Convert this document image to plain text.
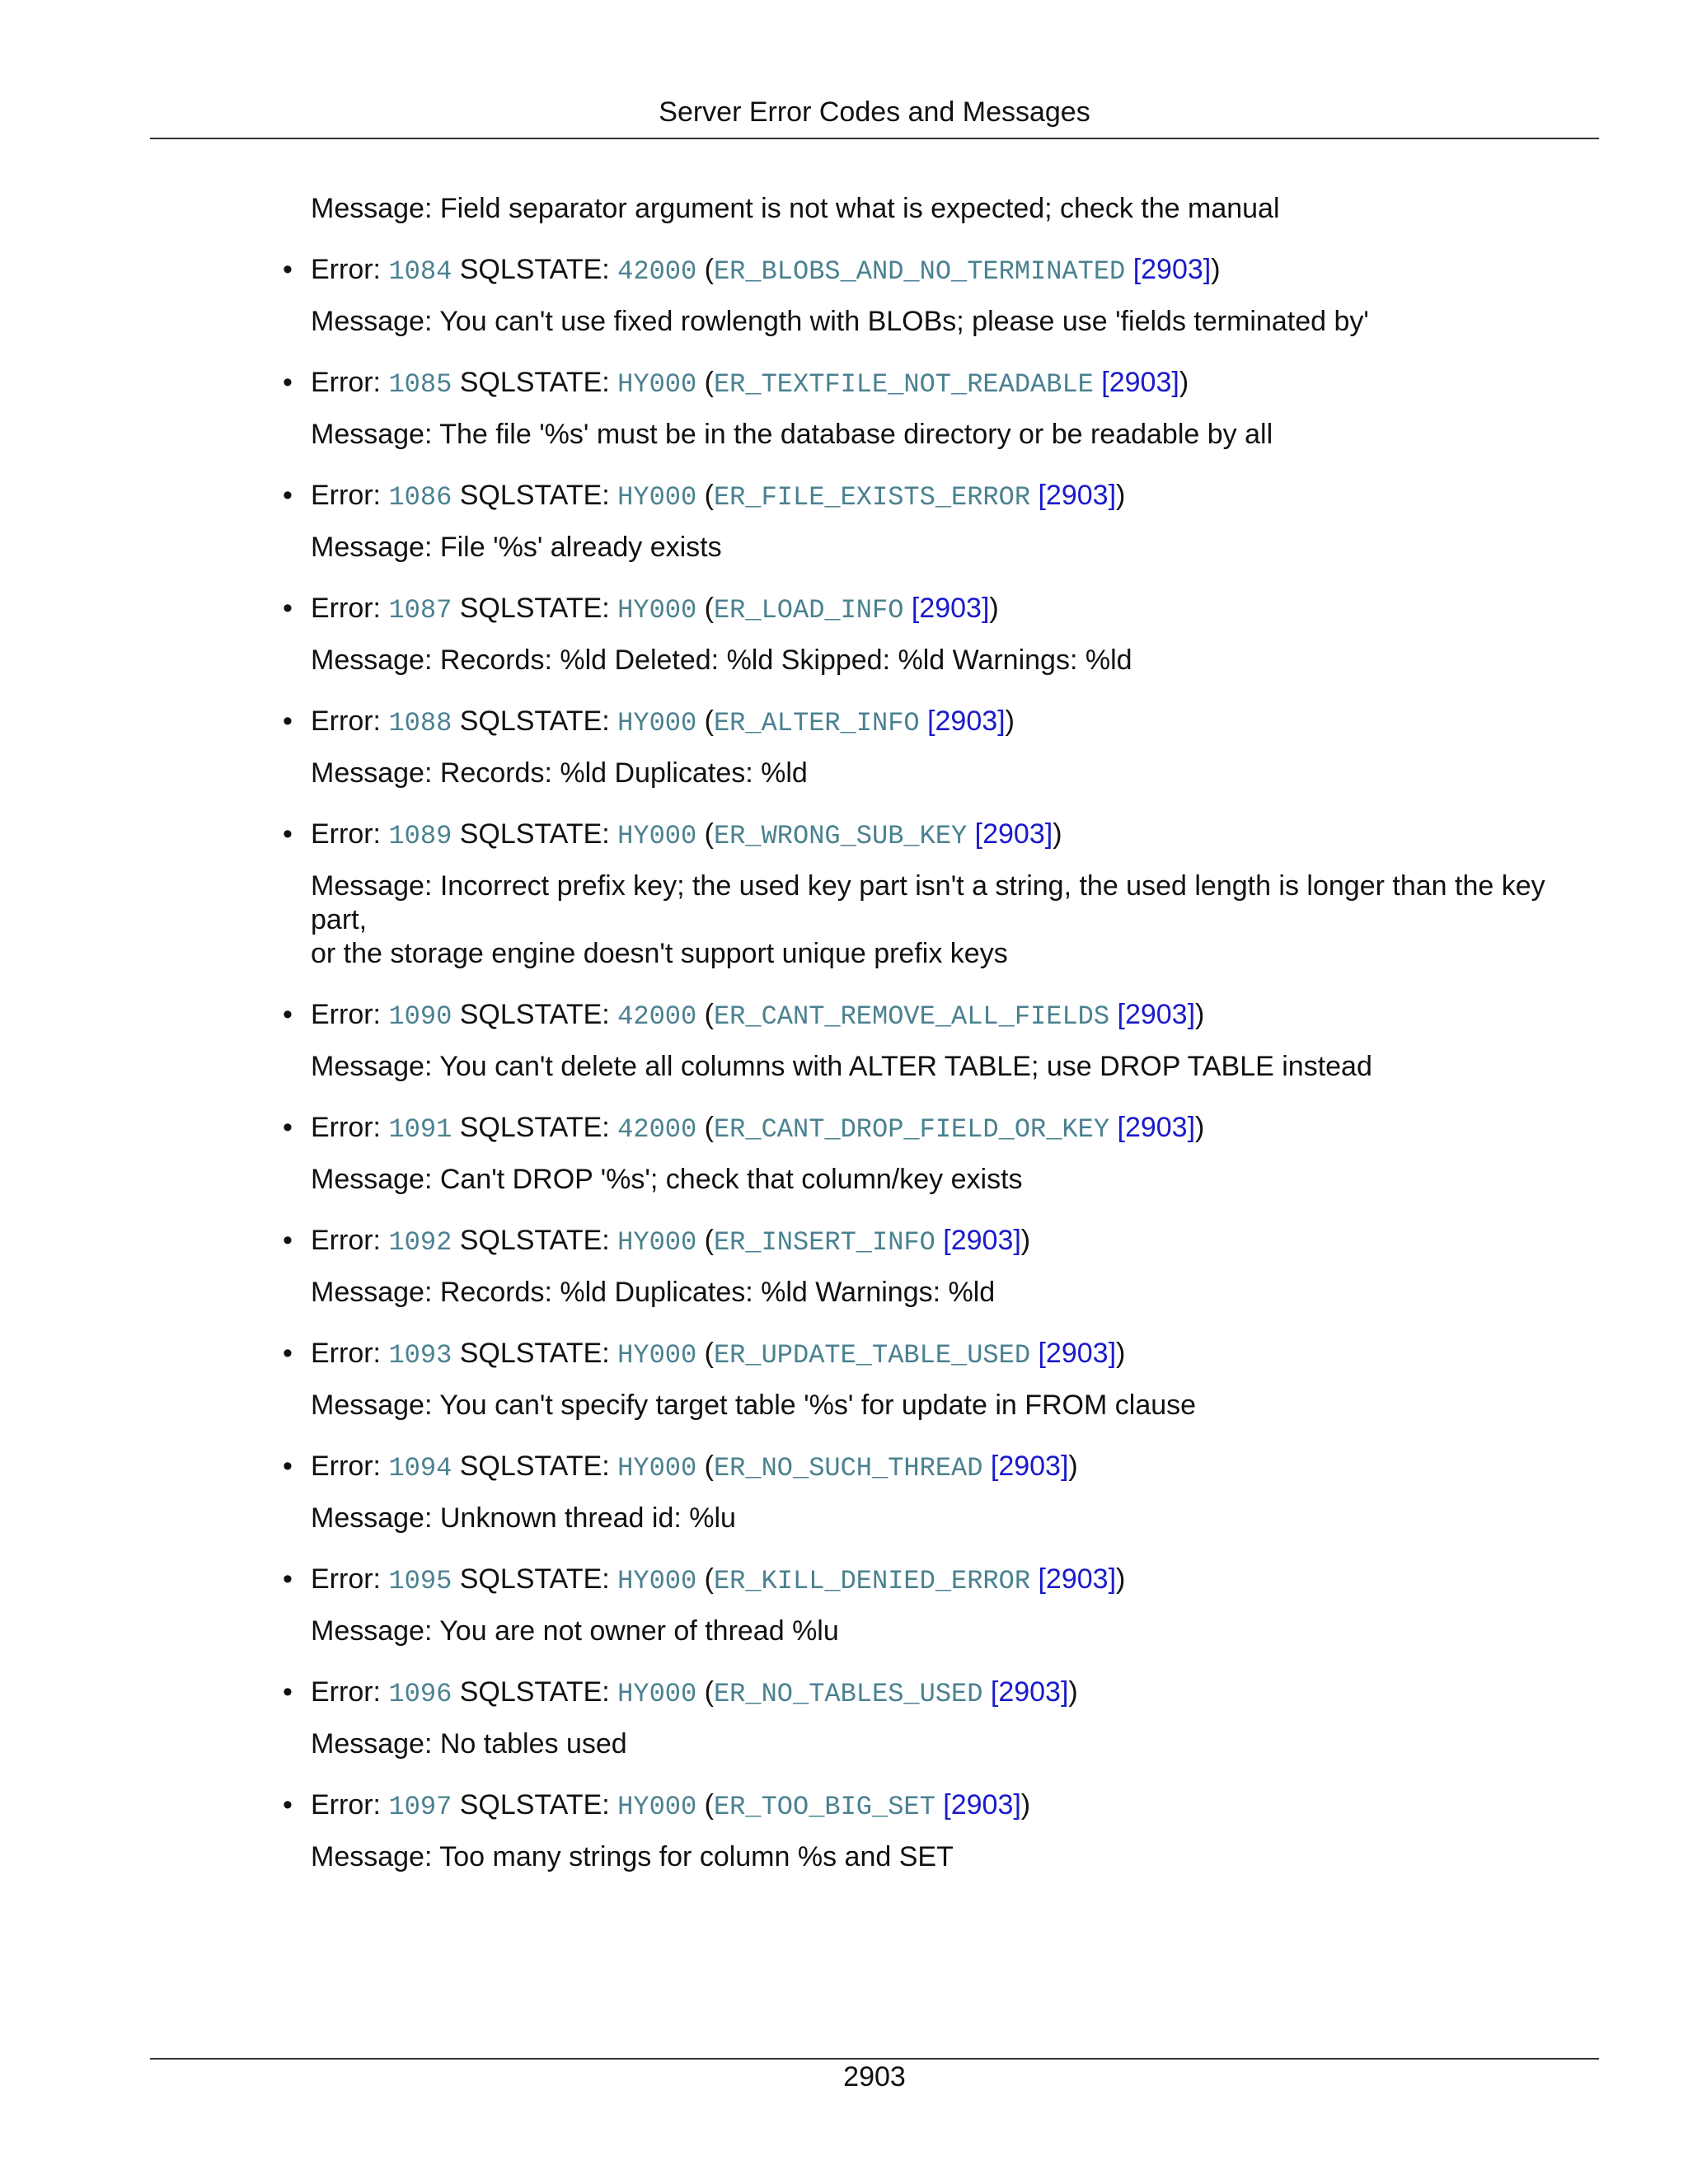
Server Error Codes and Messages
Message: Field separator argument is not what is expected; check the manual
• Error: 1084 SQLSTATE: 42000 (ER_BLOBS_AND_NO_TERMINATED [2903])
Message: You can't use fixed rowlength with BLOBs; please use 'fields terminated by'
• Error: 1085 SQLSTATE: HY000 (ER_TEXTFILE_NOT_READABLE [2903])
Message: The file '%s' must be in the database directory or be readable by all
• Error: 1086 SQLSTATE: HY000 (ER_FILE_EXISTS_ERROR [2903])
Message: File '%s' already exists
• Error: 1087 SQLSTATE: HY000 (ER_LOAD_INFO [2903])
Message: Records: %ld Deleted: %ld Skipped: %ld Warnings: %ld
• Error: 1088 SQLSTATE: HY000 (ER_ALTER_INFO [2903])
Message: Records: %ld Duplicates: %ld
• Error: 1089 SQLSTATE: HY000 (ER_WRONG_SUB_KEY [2903])
Message: Incorrect prefix key; the used key part isn't a string, the used length is longer than the key part,
or the storage engine doesn't support unique prefix keys
• Error: 1090 SQLSTATE: 42000 (ER_CANT_REMOVE_ALL_FIELDS [2903])
Message: You can't delete all columns with ALTER TABLE; use DROP TABLE instead
• Error: 1091 SQLSTATE: 42000 (ER_CANT_DROP_FIELD_OR_KEY [2903])
Message: Can't DROP '%s'; check that column/key exists
• Error: 1092 SQLSTATE: HY000 (ER_INSERT_INFO [2903])
Message: Records: %ld Duplicates: %ld Warnings: %ld
• Error: 1093 SQLSTATE: HY000 (ER_UPDATE_TABLE_USED [2903])
Message: You can't specify target table '%s' for update in FROM clause
• Error: 1094 SQLSTATE: HY000 (ER_NO_SUCH_THREAD [2903])
Message: Unknown thread id: %lu
• Error: 1095 SQLSTATE: HY000 (ER_KILL_DENIED_ERROR [2903])
Message: You are not owner of thread %lu
• Error: 1096 SQLSTATE: HY000 (ER_NO_TABLES_USED [2903])
Message: No tables used
• Error: 1097 SQLSTATE: HY000 (ER_TOO_BIG_SET [2903])
Message: Too many strings for column %s and SET
2903
